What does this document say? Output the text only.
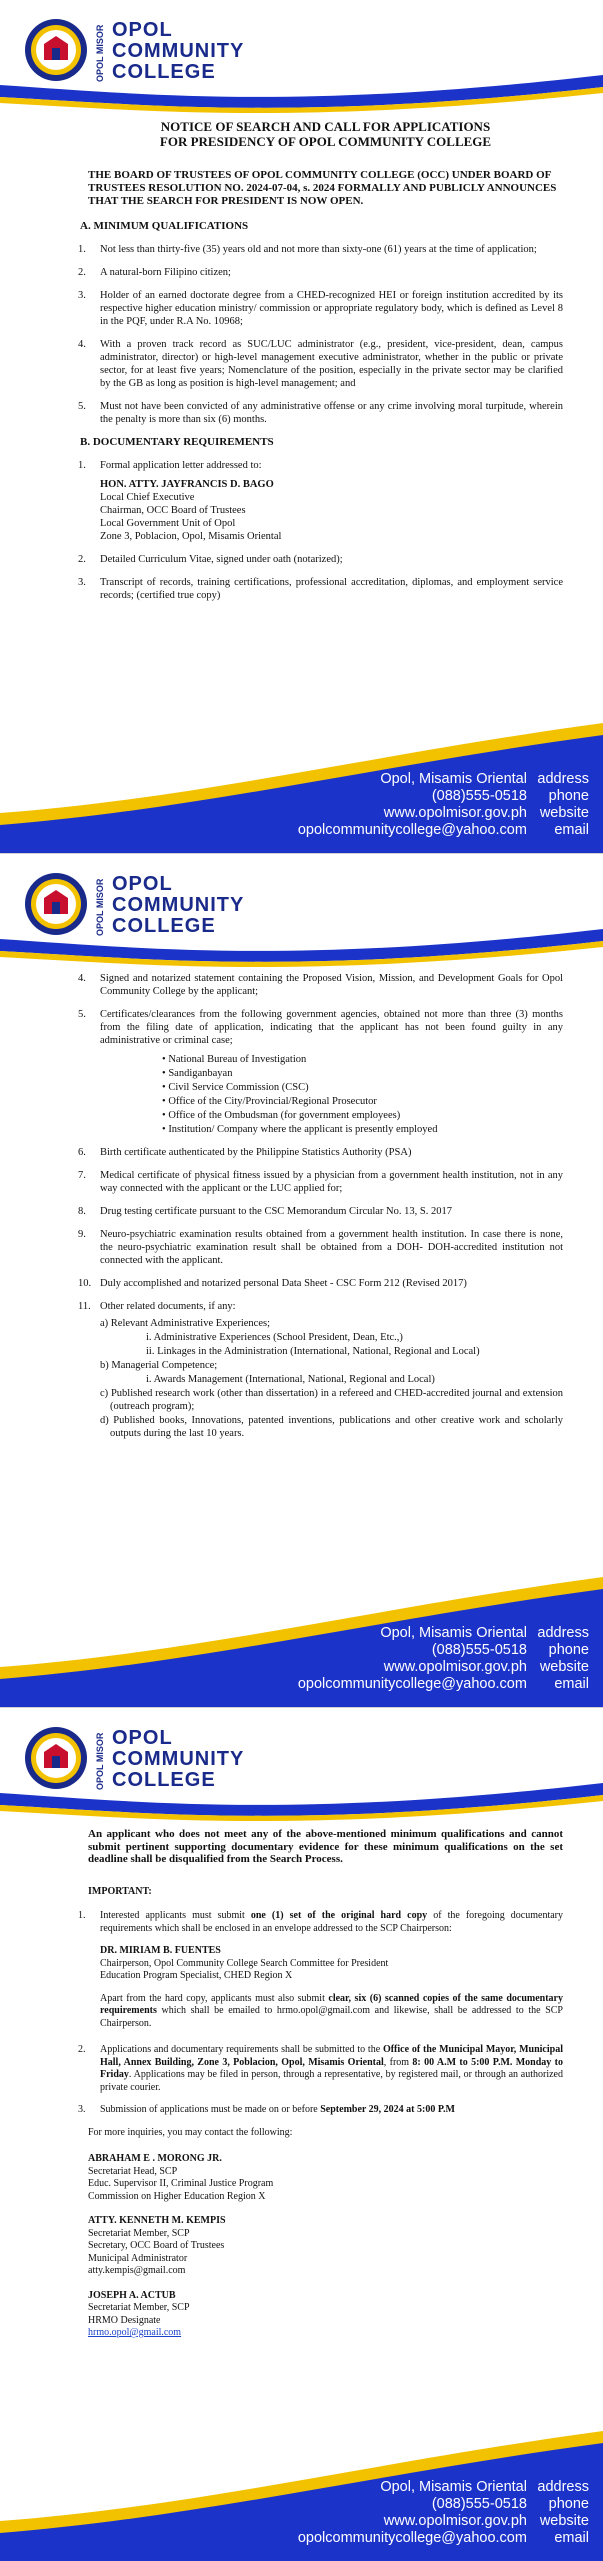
OPOL MISOR OPOL
COMMUNITY
COLLEGE
NOTICE OF SEARCH AND CALL FOR APPLICATIONS
FOR PRESIDENCY OF OPOL COMMUNITY COLLEGE
THE BOARD OF TRUSTEES OF OPOL COMMUNITY COLLEGE (OCC) UNDER BOARD OF TRUSTEES RESOLUTION NO. 2024-07-04, s. 2024 FORMALLY AND PUBLICLY ANNOUNCES THAT THE SEARCH FOR PRESIDENT IS NOW OPEN.
A. MINIMUM QUALIFICATIONS
1. Not less than thirty-five (35) years old and not more than sixty-one (61) years at the time of application;
2. A natural-born Filipino citizen;
3. Holder of an earned doctorate degree from a CHED-recognized HEI or foreign institution accredited by its respective higher education ministry/ commission or appropriate regulatory body, which is defined as Level 8 in the PQF, under R.A No. 10968;
4. With a proven track record as SUC/LUC administrator (e.g., president, vice-president, dean, campus administrator, director) or high-level management executive administrator, whether in the public or private sector, for at least five years; Nomenclature of the position, especially in the private sector may be clarified by the GB as long as position is high-level management; and
5. Must not have been convicted of any administrative offense or any crime involving moral turpitude, wherein the penalty is more than six (6) months.
B. DOCUMENTARY REQUIREMENTS
1. Formal application letter addressed to:
HON. ATTY. JAYFRANCIS D. BAGO
Local Chief Executive
Chairman, OCC Board of Trustees
Local Government Unit of Opol
Zone 3, Poblacion, Opol, Misamis Oriental
2. Detailed Curriculum Vitae, signed under oath (notarized);
3. Transcript of records, training certifications, professional accreditation, diplomas, and employment service records; (certified true copy)
Opol, Misamis Oriental address
(088)555-0518 phone
www.opolmisor.gov.ph website
opolcommunitycollege@yahoo.com email
OPOL MISOR OPOL
COMMUNITY
COLLEGE
4. Signed and notarized statement containing the Proposed Vision, Mission, and Development Goals for Opol Community College by the applicant;
5. Certificates/clearances from the following government agencies, obtained not more than three (3) months from the filing date of application, indicating that the applicant has not been found guilty in any administrative or criminal case;
• National Bureau of Investigation
• Sandiganbayan
• Civil Service Commission (CSC)
• Office of the City/Provincial/Regional Prosecutor
• Office of the Ombudsman (for government employees)
• Institution/ Company where the applicant is presently employed
6. Birth certificate authenticated by the Philippine Statistics Authority (PSA)
7. Medical certificate of physical fitness issued by a physician from a government health institution, not in any way connected with the applicant or the LUC applied for;
8. Drug testing certificate pursuant to the CSC Memorandum Circular No. 13, S. 2017
9. Neuro-psychiatric examination results obtained from a government health institution. In case there is none, the neuro-psychiatric examination result shall be obtained from a DOH- DOH-accredited institution not connected with the applicant.
10. Duly accomplished and notarized personal Data Sheet - CSC Form 212 (Revised 2017)
11. Other related documents, if any:
a) Relevant Administrative Experiences;
i. Administrative Experiences (School President, Dean, Etc.,)
ii. Linkages in the Administration (International, National, Regional and Local)
b) Managerial Competence;
i. Awards Management (International, National, Regional and Local)
c) Published research work (other than dissertation) in a refereed and CHED-accredited journal and extension (outreach program);
d) Published books, Innovations, patented inventions, publications and other creative work and scholarly outputs during the last 10 years.
Opol, Misamis Oriental address
(088)555-0518 phone
www.opolmisor.gov.ph website
opolcommunitycollege@yahoo.com email
OPOL MISOR OPOL
COMMUNITY
COLLEGE
An applicant who does not meet any of the above-mentioned minimum qualifications and cannot submit pertinent supporting documentary evidence for these minimum qualifications on the set deadline shall be disqualified from the Search Process.
IMPORTANT:
1. Interested applicants must submit one (1) set of the original hard copy of the foregoing documentary requirements which shall be enclosed in an envelope addressed to the SCP Chairperson:
DR. MIRIAM B. FUENTES
Chairperson, Opol Community College Search Committee for President
Education Program Specialist, CHED Region X
Apart from the hard copy, applicants must also submit clear, six (6) scanned copies of the same documentary requirements which shall be emailed to hrmo.opol@gmail.com and likewise, shall be addressed to the SCP Chairperson.
2. Applications and documentary requirements shall be submitted to the Office of the Municipal Mayor, Municipal Hall, Annex Building, Zone 3, Poblacion, Opol, Misamis Oriental, from 8: 00 A.M to 5:00 P.M. Monday to Friday. Applications may be filed in person, through a representative, by registered mail, or through an authorized private courier.
3. Submission of applications must be made on or before September 29, 2024 at 5:00 P.M
For more inquiries, you may contact the following:
ABRAHAM E . MORONG JR.
Secretariat Head, SCP
Educ. Supervisor II, Criminal Justice Program
Commission on Higher Education Region X
ATTY. KENNETH M. KEMPIS
Secretariat Member, SCP
Secretary, OCC Board of Trustees
Municipal Administrator
atty.kempis@gmail.com
JOSEPH A. ACTUB
Secretariat Member, SCP
HRMO Designate
hrmo.opol@gmail.com
Opol, Misamis Oriental address
(088)555-0518 phone
www.opolmisor.gov.ph website
opolcommunitycollege@yahoo.com email
